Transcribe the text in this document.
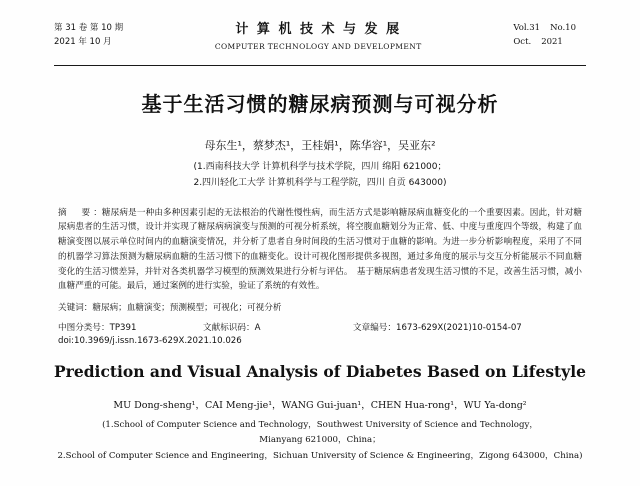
第 31 卷 第 10 期
2021 年 10 月
计 算 机 技 术 与 发 展
COMPUTER TECHNOLOGY AND DEVELOPMENT
Vol.31 No.10
Oct. 2021
基于生活习惯的糖尿病预测与可视分析
母东生¹，蔡梦杰¹，王桂娟¹，陈华容¹，吴亚东²
(1.西南科技大学 计算机科学与技术学院，四川 绵阳 621000；
2.四川轻化工大学 计算机科学与工程学院，四川 自贡 643000)
摘　要：糖尿病是一种由多种因素引起的无法根治的代谢性慢性病，而生活方式是影响糖尿病血糖变化的一个重要因素。因此，针对糖尿病患者的生活习惯，设计并实现了糖尿病病演变与预测的可视分析系统，将空腹血糖划分为正常、低、中度与重度四个等级，构建了血糖演变图以展示单位时间内的血糖演变情况，并分析了患者自身时间段的生活习惯对于血糖的影响。为进一步分析影响程度，采用了不同的机器学习算法预测为糖尿病血糖的生活习惯下的血糖变化。设计可视化图形提供多视图，通过多角度的展示与交互分析能展示不同血糖变化的生活习惯差异，并针对各类机器学习模型的预测效果进行分析与评估。　基于糖尿病患者发现生活习惯的不足，改善生活习惯，减小血糖严重的可能。最后，通过案例的进行实验，验证了系统的有效性。
关键词：糖尿病；血糖演变；预测模型；可视化；可视分析
中图分类号：TP391	文献标识码：A	文章编号：1673-629X(2021)10-0154-07
doi:10.3969/j.issn.1673-629X.2021.10.026
Prediction and Visual Analysis of Diabetes Based on Lifestyle
MU Dong-sheng¹，CAI Meng-jie¹，WANG Gui-juan¹，CHEN Hua-rong¹，WU Ya-dong²
(1.School of Computer Science and Technology，Southwest University of Science and Technology，
Mianyang 621000，China；
2.School of Computer Science and Engineering，Sichuan University of Science & Engineering，Zigong 643000，China)
